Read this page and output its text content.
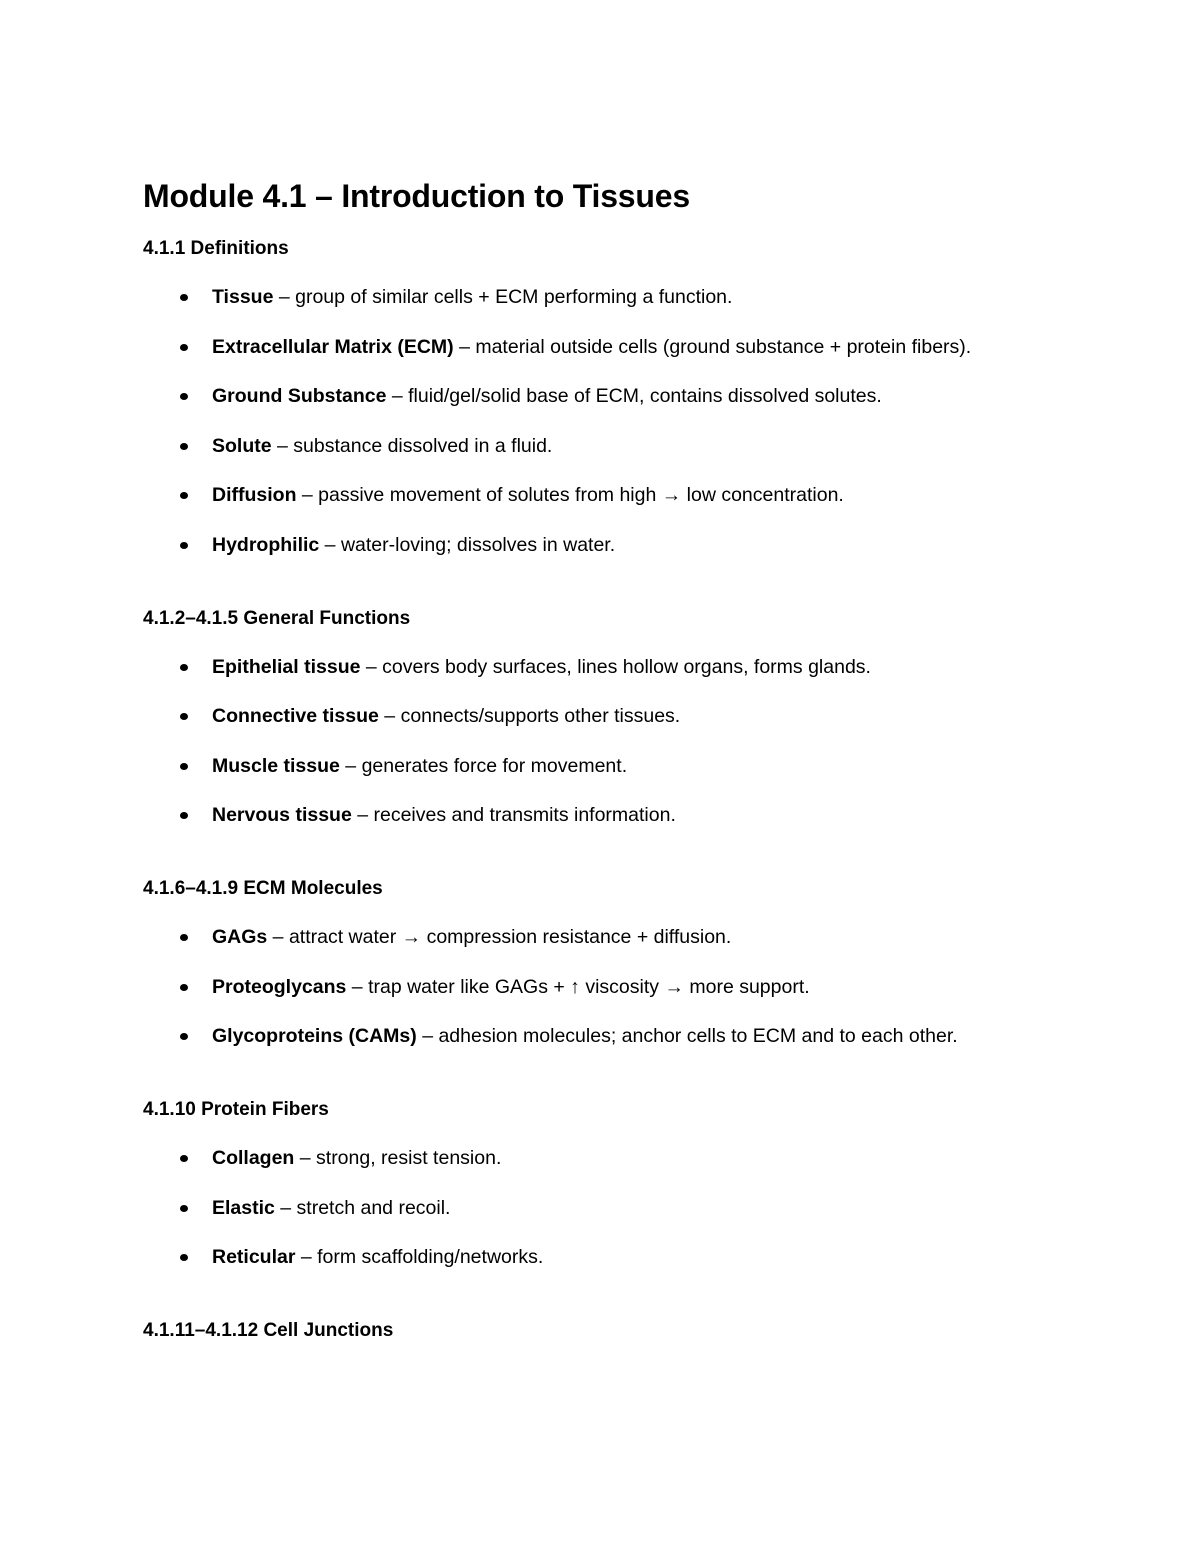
Module 4.1 – Introduction to Tissues
4.1.1 Definitions
Tissue – group of similar cells + ECM performing a function.
Extracellular Matrix (ECM) – material outside cells (ground substance + protein fibers).
Ground Substance – fluid/gel/solid base of ECM, contains dissolved solutes.
Solute – substance dissolved in a fluid.
Diffusion – passive movement of solutes from high → low concentration.
Hydrophilic – water-loving; dissolves in water.
4.1.2–4.1.5 General Functions
Epithelial tissue – covers body surfaces, lines hollow organs, forms glands.
Connective tissue – connects/supports other tissues.
Muscle tissue – generates force for movement.
Nervous tissue – receives and transmits information.
4.1.6–4.1.9 ECM Molecules
GAGs – attract water → compression resistance + diffusion.
Proteoglycans – trap water like GAGs + ↑ viscosity → more support.
Glycoproteins (CAMs) – adhesion molecules; anchor cells to ECM and to each other.
4.1.10 Protein Fibers
Collagen – strong, resist tension.
Elastic – stretch and recoil.
Reticular – form scaffolding/networks.
4.1.11–4.1.12 Cell Junctions
